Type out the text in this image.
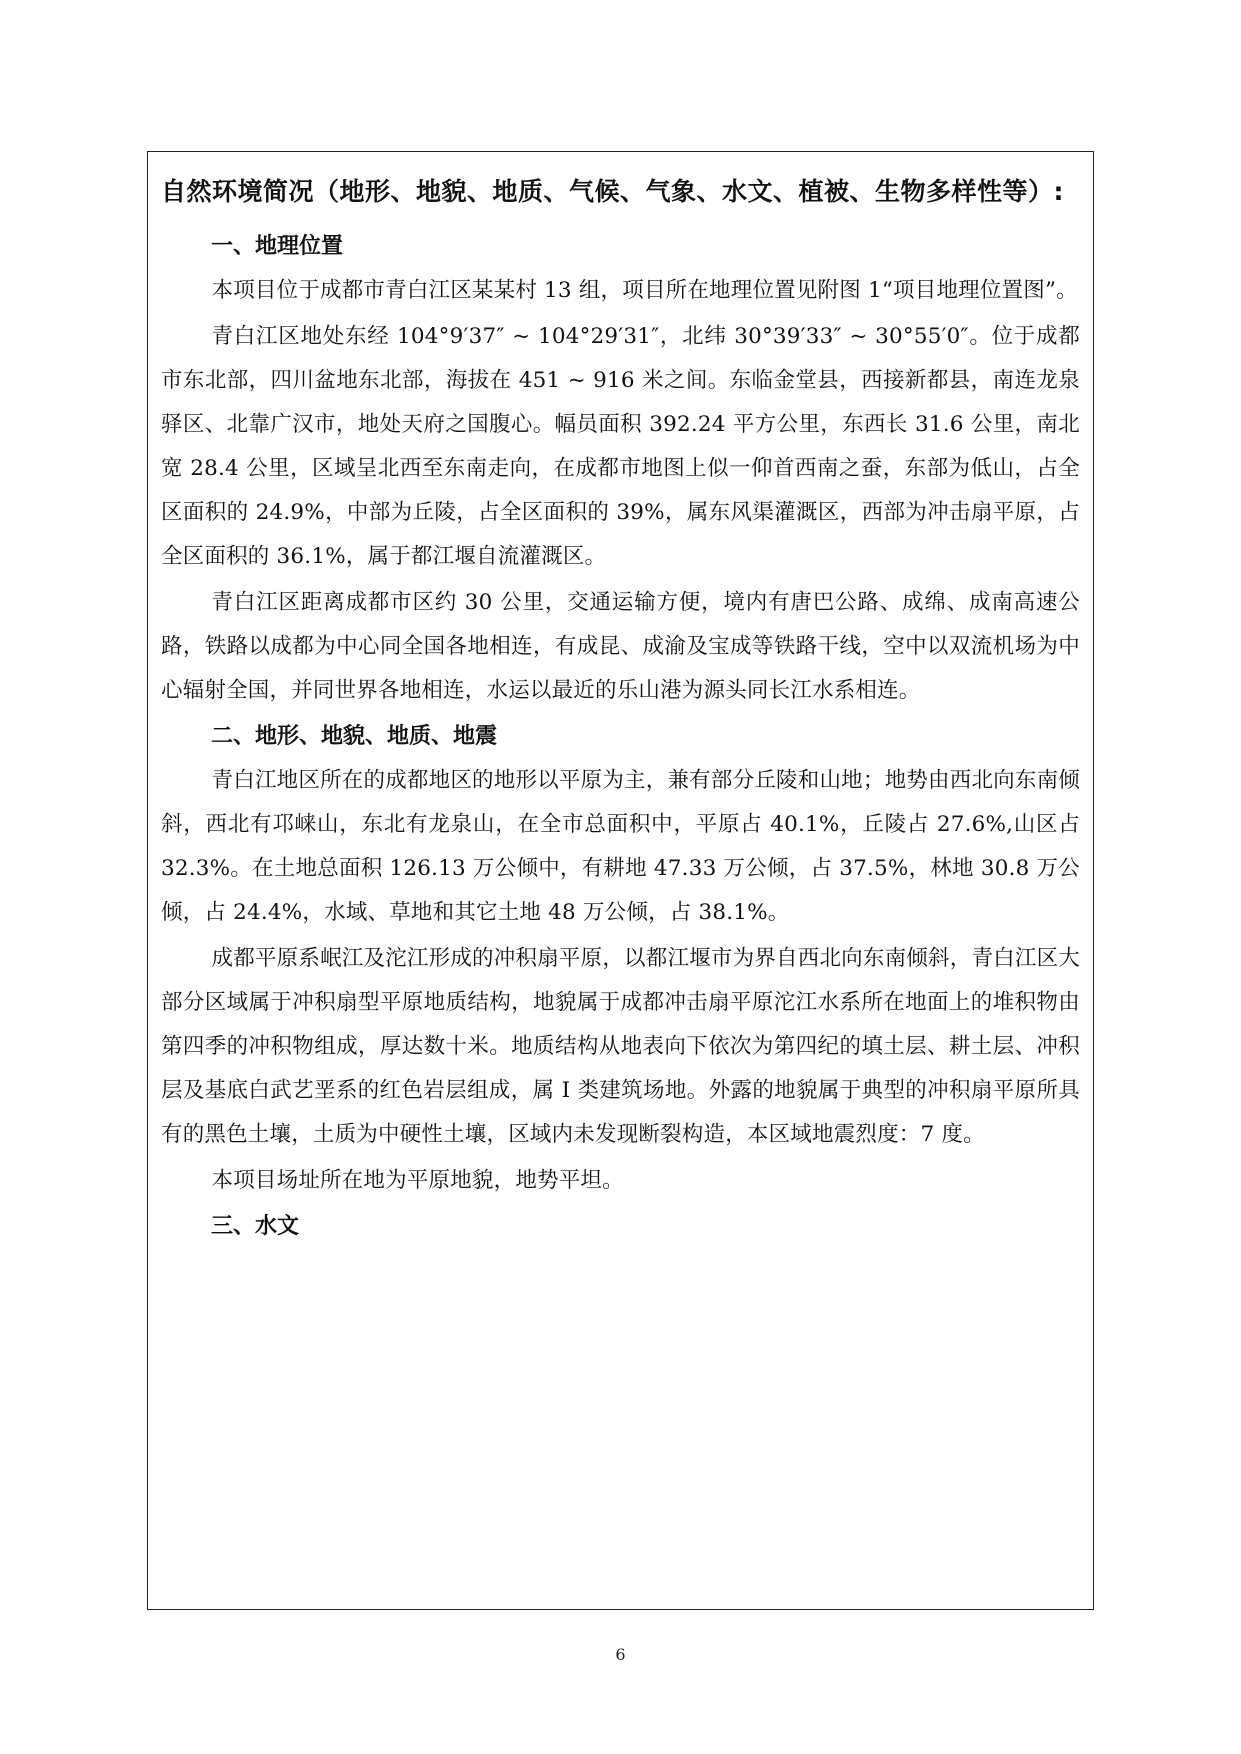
自然环境简况（地形、地貌、地质、气候、气象、水文、植被、生物多样性等）:

一、地理位置

本项目位于成都市青白江区某某村 13 组，项目所在地理位置见附图 1“项目地理位置图”。

青白江区地处东经 104°9′37″ ~ 104°29′31″，北纬 30°39′33″ ~ 30°55′0″。位于成都市东北部，四川盆地东北部，海拔在 451 ~ 916 米之间。东临金堂县，西接新都县，南连龙泉驿区、北靠广汉市，地处天府之国腹心。幅员面积 392.24 平方公里，东西长 31.6 公里，南北宽 28.4 公里，区域呈北西至东南走向，在成都市地图上似一仰首西南之蚕，东部为低山，占全区面积的 24.9%，中部为丘陵，占全区面积的 39%，属东风渠灌溉区，西部为冲击扇平原，占全区面积的 36.1%，属于都江堰自流灌溉区。

青白江区距离成都市区约 30 公里，交通运输方便，境内有唐巴公路、成绵、成南高速公路，铁路以成都为中心同全国各地相连，有成昆、成渝及宝成等铁路干线，空中以双流机场为中心辐射全国，并同世界各地相连，水运以最近的乐山港为源头同长江水系相连。

二、地形、地貌、地质、地震

青白江地区所在的成都地区的地形以平原为主，兼有部分丘陵和山地；地势由西北向东南倾斜，西北有邛崃山，东北有龙泉山，在全市总面积中，平原占 40.1%，丘陵占 27.6%,山区占 32.3%。在土地总面积 126.13 万公倾中，有耕地 47.33 万公倾，占 37.5%，林地 30.8 万公倾，占 24.4%，水域、草地和其它土地 48 万公倾，占 38.1%。

成都平原系岷江及沱江形成的冲积扇平原，以都江堰市为界自西北向东南倾斜，青白江区大部分区域属于冲积扇型平原地质结构，地貌属于成都冲击扇平原沱江水系所在地面上的堆积物由第四季的冲积物组成，厚达数十米。地质结构从地表向下依次为第四纪的填土层、耕土层、冲积层及基底白武艺垩系的红色岩层组成，属 I 类建筑场地。外露的地貌属于典型的冲积扇平原所具有的黑色土壤，土质为中硬性土壤，区域内未发现断裂构造，本区域地震烈度：7 度。

本项目场址所在地为平原地貌，地势平坦。

三、水文

6
